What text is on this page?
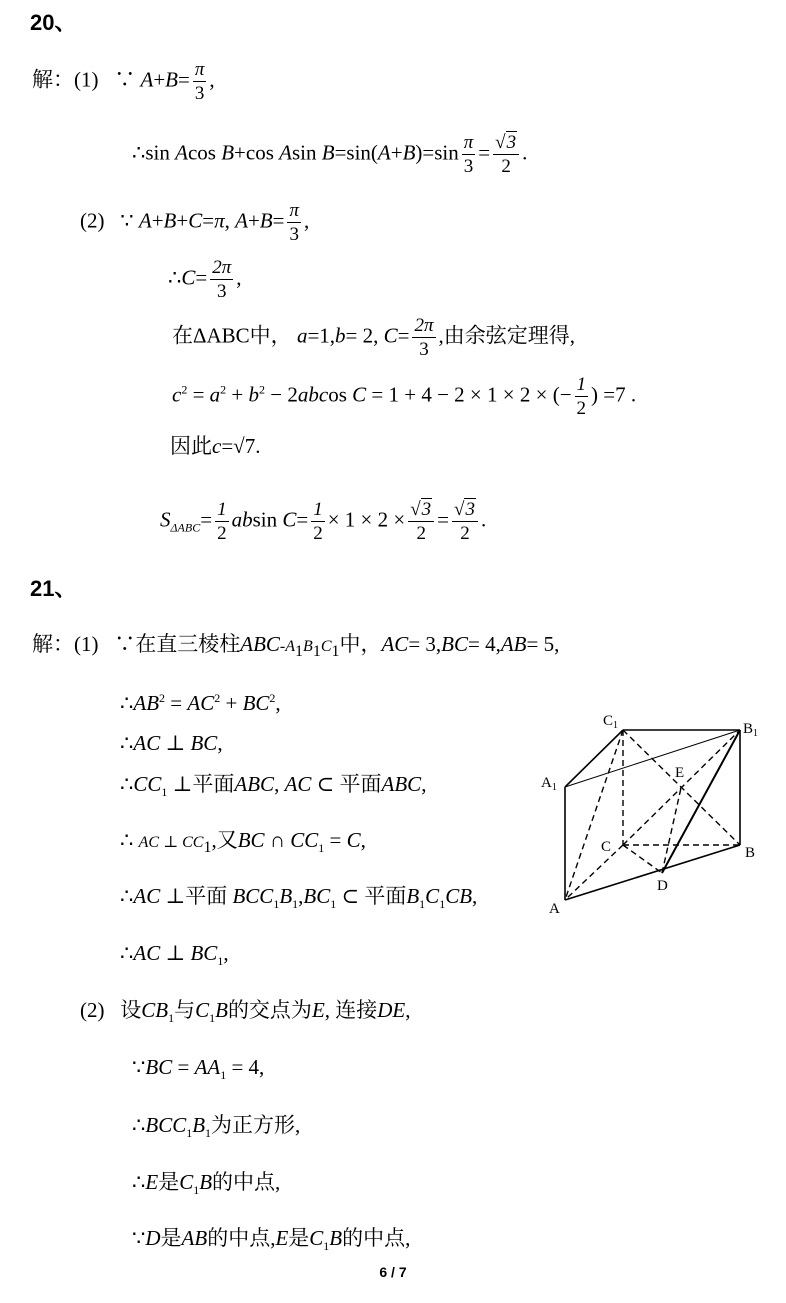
20、
解：(1) ∵ $A+B= \frac{\pi}{3}$ ,
∴sin Acos B+cos Asin $B=\sin(A+B)=\sin \frac{\pi}{3} = \frac{√3}{2}$ .
(2) ∵ A+B+C=π, $A+B= \frac{\pi}{3}$ ,
∴C= $\frac{2\pi}{3}$ ,
在ΔABC中， a=1,b= 2, $C= \frac{2\pi}{3}$ ,由余弦定理得,
$c^2 = a^2 + b^2 - 2abcos$ C = 1 + 4 − 2 × 1 × 2 × (− $\frac{1}{2}$ ) =7 .
因此c=√7.
$S_{\Delta ABC}= \frac{1}{2}$ absin $C= \frac{1}{2} \times 1 \times 2 \times \frac{√3}{2} = \frac{√3}{2}$ .
21、
解：(1) ∵在直三棱柱ABC-$A_1B_1C_1$中，AC= 3,BC= 4,AB= 5,
$\therefore AB^2 = AC^2 + BC^2$,
∴AC ⊥ BC,
$\therefore CC_1$ ⊥平面ABC, AC ⊂ 平面ABC,
∴ AC ⊥ $CC_1$,又BC ∩ $CC_1 = C$,
∴AC ⊥平面 $BCC_1B_1,BC_1$ ⊂ 平面$B_1C_1CB$,
∴AC ⊥ $BC_1$,
(2) 设$CB_1$与$C_1B$的交点为E, 连接DE,
∵BC = $AA_1 = 4$,
$\therefore BCC_1B_1$为正方形,
∴E是$C_1B$的中点,
∵D是AB的中点,E是$C_1B$的中点,
$C_1$	$B_1$
$A_1$
E
C	B
D
A
6 / 7
